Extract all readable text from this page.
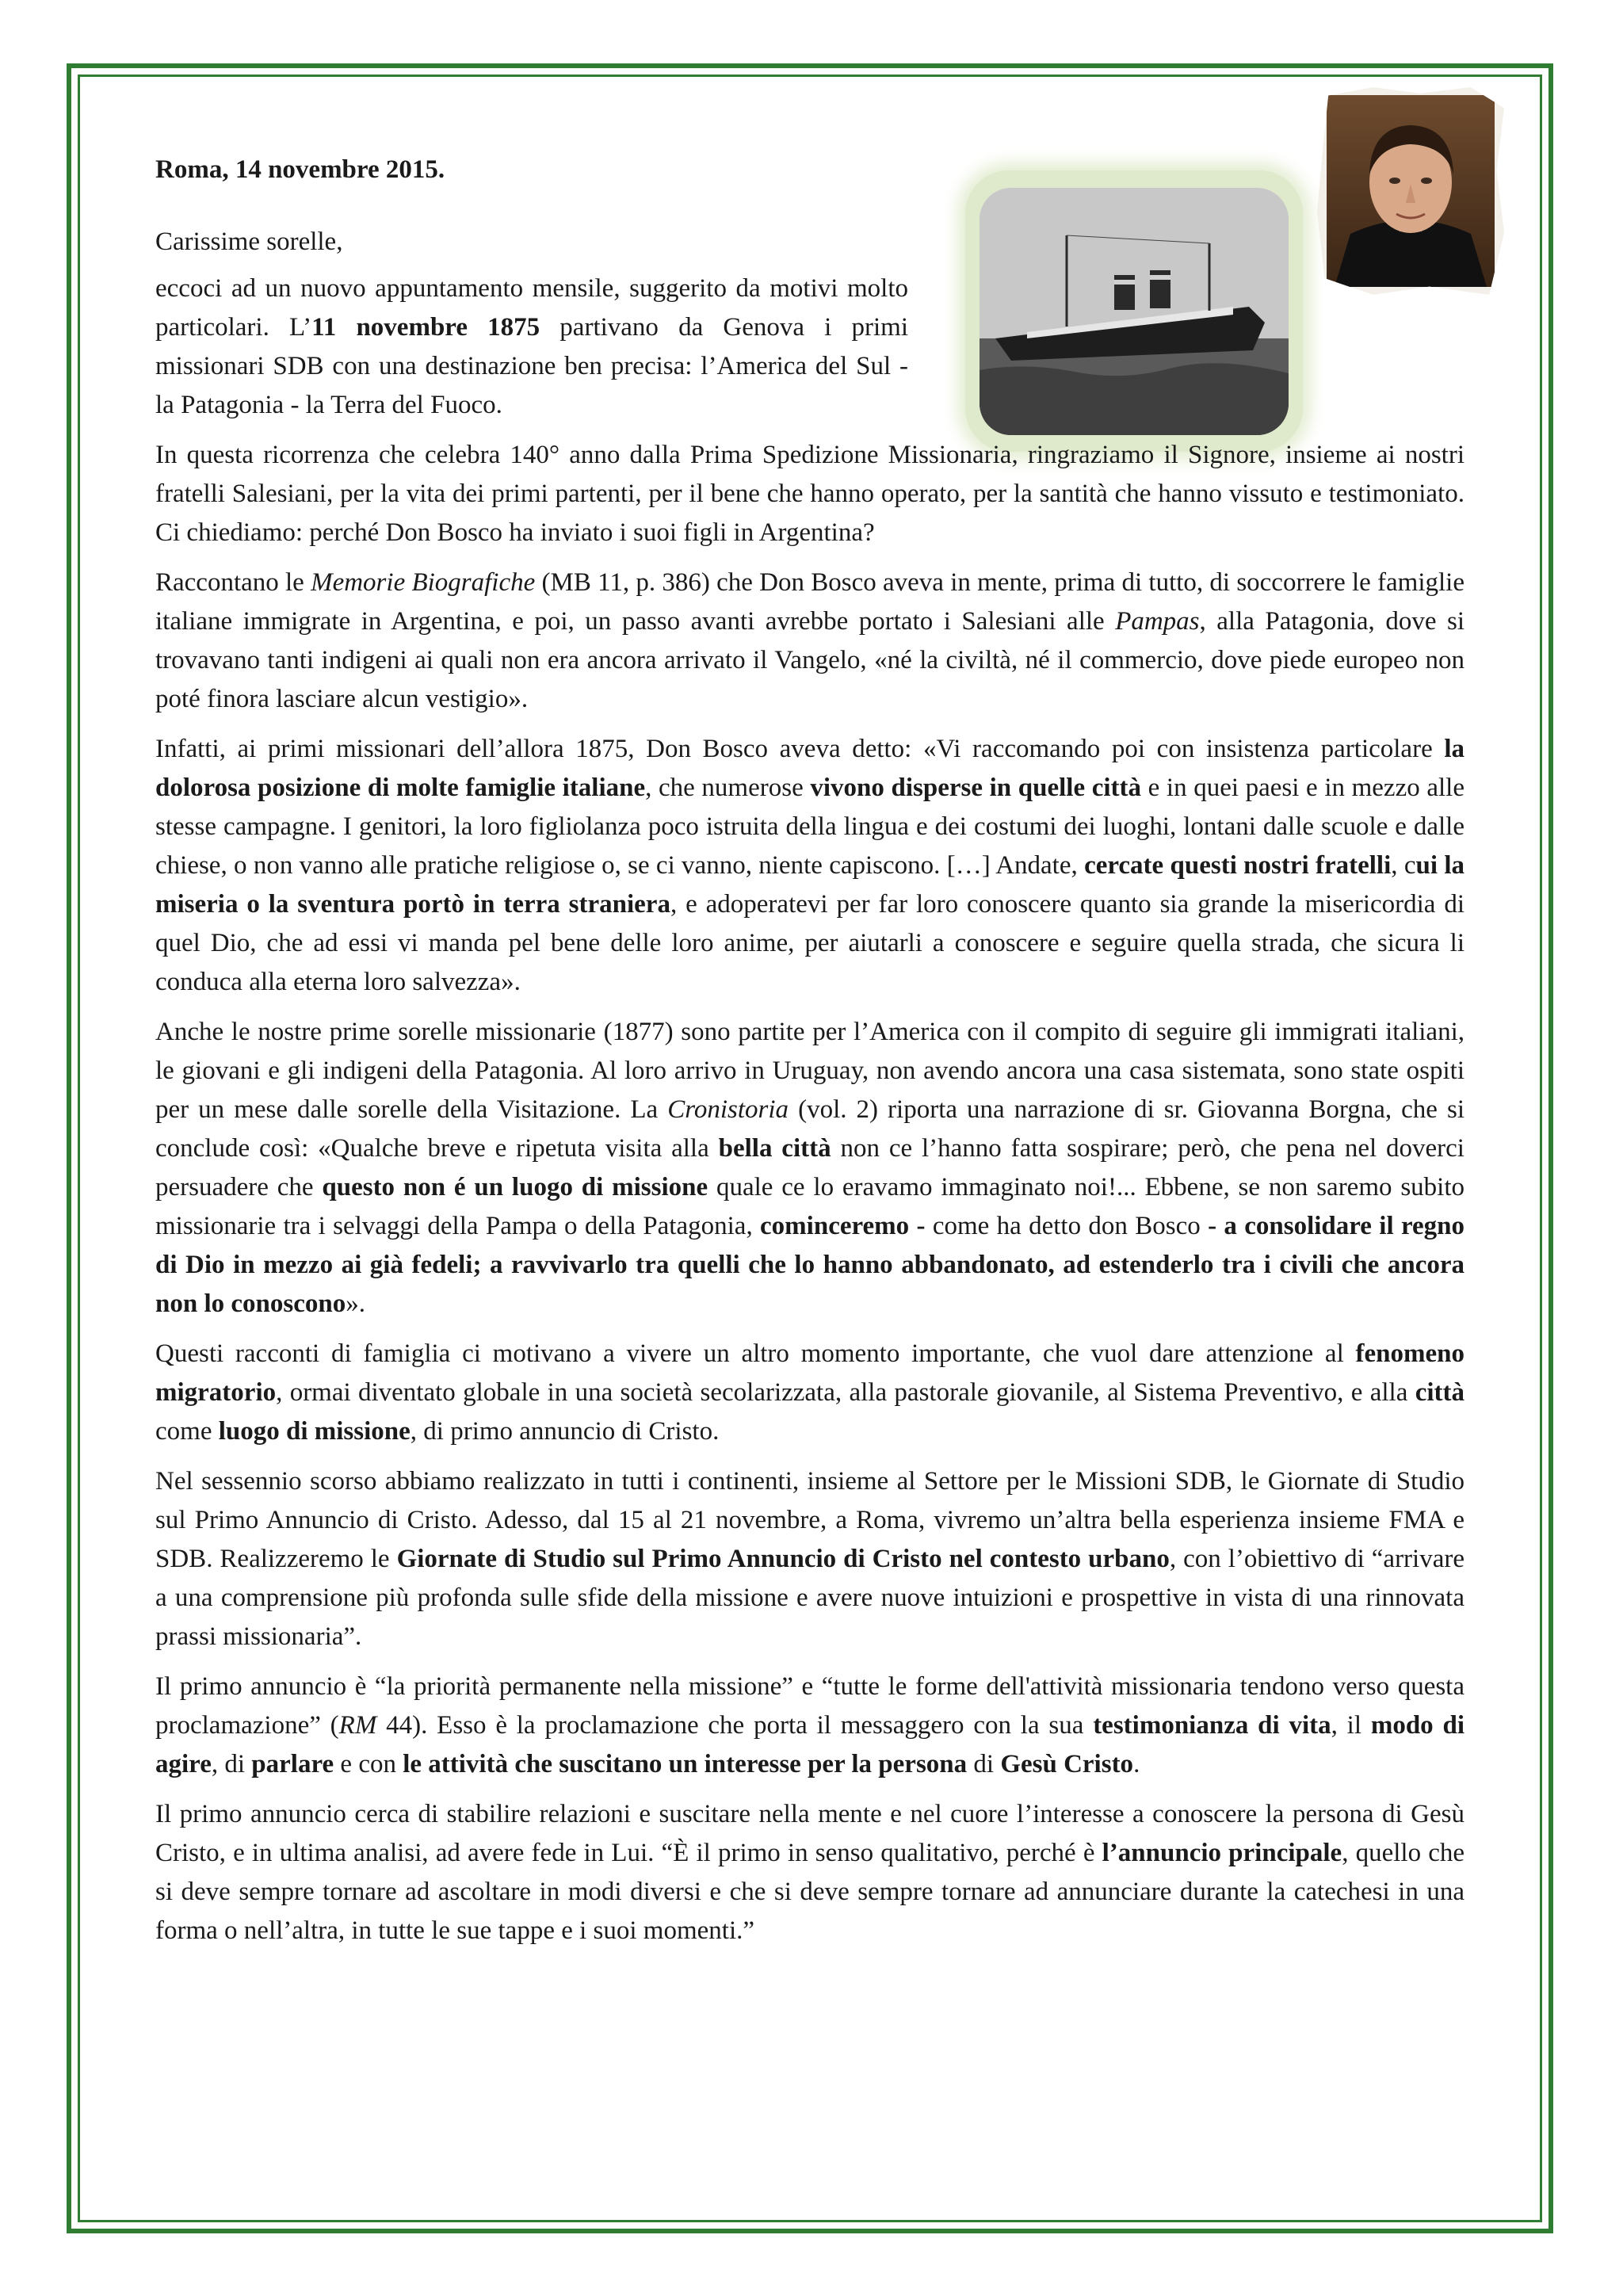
Roma, 14 novembre 2015.

Carissime sorelle,

eccoci ad un nuovo appuntamento mensile, suggerito da motivi molto particolari. L’11 novembre 1875 partivano da Genova i primi missionari SDB con una destinazione ben precisa: l’America del Sul - la Patagonia - la Terra del Fuoco.

In questa ricorrenza che celebra 140° anno dalla Prima Spedizione Missionaria, ringraziamo il Signore, insieme ai nostri fratelli Salesiani, per la vita dei primi partenti, per il bene che hanno operato, per la santità che hanno vissuto e testimoniato. Ci chiediamo: perché Don Bosco ha inviato i suoi figli in Argentina?

Raccontano le Memorie Biografiche (MB 11, p. 386) che Don Bosco aveva in mente, prima di tutto, di soccorrere le famiglie italiane immigrate in Argentina, e poi, un passo avanti avrebbe portato i Salesiani alle Pampas, alla Patagonia, dove si trovavano tanti indigeni ai quali non era ancora arrivato il Vangelo, «né la civiltà, né il commercio, dove piede europeo non poté finora lasciare alcun vestigio».

Infatti, ai primi missionari dell’allora 1875, Don Bosco aveva detto: «Vi raccomando poi con insistenza particolare la dolorosa posizione di molte famiglie italiane, che numerose vivono disperse in quelle città e in quei paesi e in mezzo alle stesse campagne. I genitori, la loro figliolanza poco istruita della lingua e dei costumi dei luoghi, lontani dalle scuole e dalle chiese, o non vanno alle pratiche religiose o, se ci vanno, niente capiscono. […] Andate, cercate questi nostri fratelli, cui la miseria o la sventura portò in terra straniera, e adoperatevi per far loro conoscere quanto sia grande la misericordia di quel Dio, che ad essi vi manda pel bene delle loro anime, per aiutarli a conoscere e seguire quella strada, che sicura li conduca alla eterna loro salvezza».

Anche le nostre prime sorelle missionarie (1877) sono partite per l’America con il compito di seguire gli immigrati italiani, le giovani e gli indigeni della Patagonia. Al loro arrivo in Uruguay, non avendo ancora una casa sistemata, sono state ospiti per un mese dalle sorelle della Visitazione. La Cronistoria (vol. 2) riporta una narrazione di sr. Giovanna Borgna, che si conclude così: «Qualche breve e ripetuta visita alla bella città non ce l’hanno fatta sospirare; però, che pena nel doverci persuadere che questo non é un luogo di missione quale ce lo eravamo immaginato noi!... Ebbene, se non saremo subito missionarie tra i selvaggi della Pampa o della Patagonia, cominceremo - come ha detto don Bosco - a consolidare il regno di Dio in mezzo ai già fedeli; a ravvivarlo tra quelli che lo hanno abbandonato, ad estenderlo tra i civili che ancora non lo conoscono».

Questi racconti di famiglia ci motivano a vivere un altro momento importante, che vuol dare attenzione al fenomeno migratorio, ormai diventato globale in una società secolarizzata, alla pastorale giovanile, al Sistema Preventivo, e alla città come luogo di missione, di primo annuncio di Cristo.

Nel sessennio scorso abbiamo realizzato in tutti i continenti, insieme al Settore per le Missioni SDB, le Giornate di Studio sul Primo Annuncio di Cristo. Adesso, dal 15 al 21 novembre, a Roma, vivremo un’altra bella esperienza insieme FMA e SDB. Realizzeremo le Giornate di Studio sul Primo Annuncio di Cristo nel contesto urbano, con l’obiettivo di “arrivare a una comprensione più profonda sulle sfide della missione e avere nuove intuizioni e prospettive in vista di una rinnovata prassi missionaria”.

Il primo annuncio è “la priorità permanente nella missione” e “tutte le forme dell'attività missionaria tendono verso questa proclamazione” (RM 44). Esso è la proclamazione che porta il messaggero con la sua testimonianza di vita, il modo di agire, di parlare e con le attività che suscitano un interesse per la persona di Gesù Cristo.

Il primo annuncio cerca di stabilire relazioni e suscitare nella mente e nel cuore l’interesse a conoscere la persona di Gesù Cristo, e in ultima analisi, ad avere fede in Lui. “È il primo in senso qualitativo, perché è l’annuncio principale, quello che si deve sempre tornare ad ascoltare in modi diversi e che si deve sempre tornare ad annunciare durante la catechesi in una forma o nell’altra, in tutte le sue tappe e i suoi momenti.”
